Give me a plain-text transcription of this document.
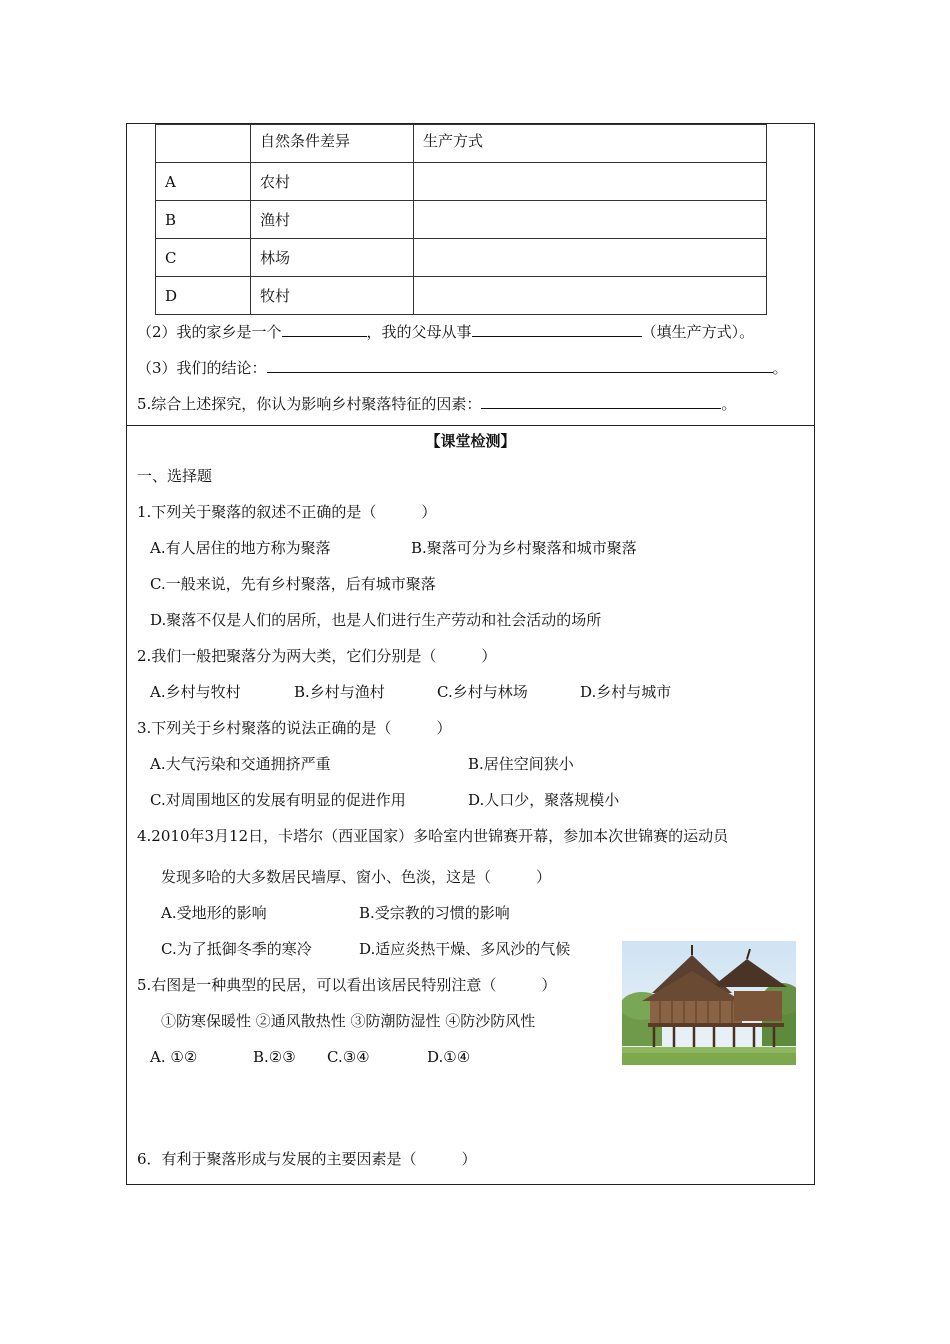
	自然条件差异	生产方式
A	农村	
B	渔村	
C	林场	
D	牧村	
（2）我的家乡是一个	，我的父母从事	（填生产方式）。
（3）我们的结论：	。
5.综合上述探究，你认为影响乡村聚落特征的因素：	。
【课堂检测】
一、选择题
1.下列关于聚落的叙述不正确的是（　　　）
A.有人居住的地方称为聚落	B.聚落可分为乡村聚落和城市聚落
C.一般来说，先有乡村聚落，后有城市聚落
D.聚落不仅是人们的居所，也是人们进行生产劳动和社会活动的场所
2.我们一般把聚落分为两大类，它们分别是（　　　）
A.乡村与牧村	B.乡村与渔村	C.乡村与林场	D.乡村与城市
3.下列关于乡村聚落的说法正确的是（　　　）
A.大气污染和交通拥挤严重	B.居住空间狭小
C.对周围地区的发展有明显的促进作用	D.人口少，聚落规模小
4.2010年3月12日，卡塔尔（西亚国家）多哈室内世锦赛开幕，参加本次世锦赛的运动员
发现多哈的大多数居民墙厚、窗小、色淡，这是（　　　）
A.受地形的影响	B.受宗教的习惯的影响
C.为了抵御冬季的寒冷	D.适应炎热干燥、多风沙的气候
5.右图是一种典型的民居，可以看出该居民特别注意（　　　）
①防寒保暖性 ②通风散热性 ③防潮防湿性 ④防沙防风性
A. ①②	B.②③ C.③④	D.①④
6．有利于聚落形成与发展的主要因素是（　　　）
